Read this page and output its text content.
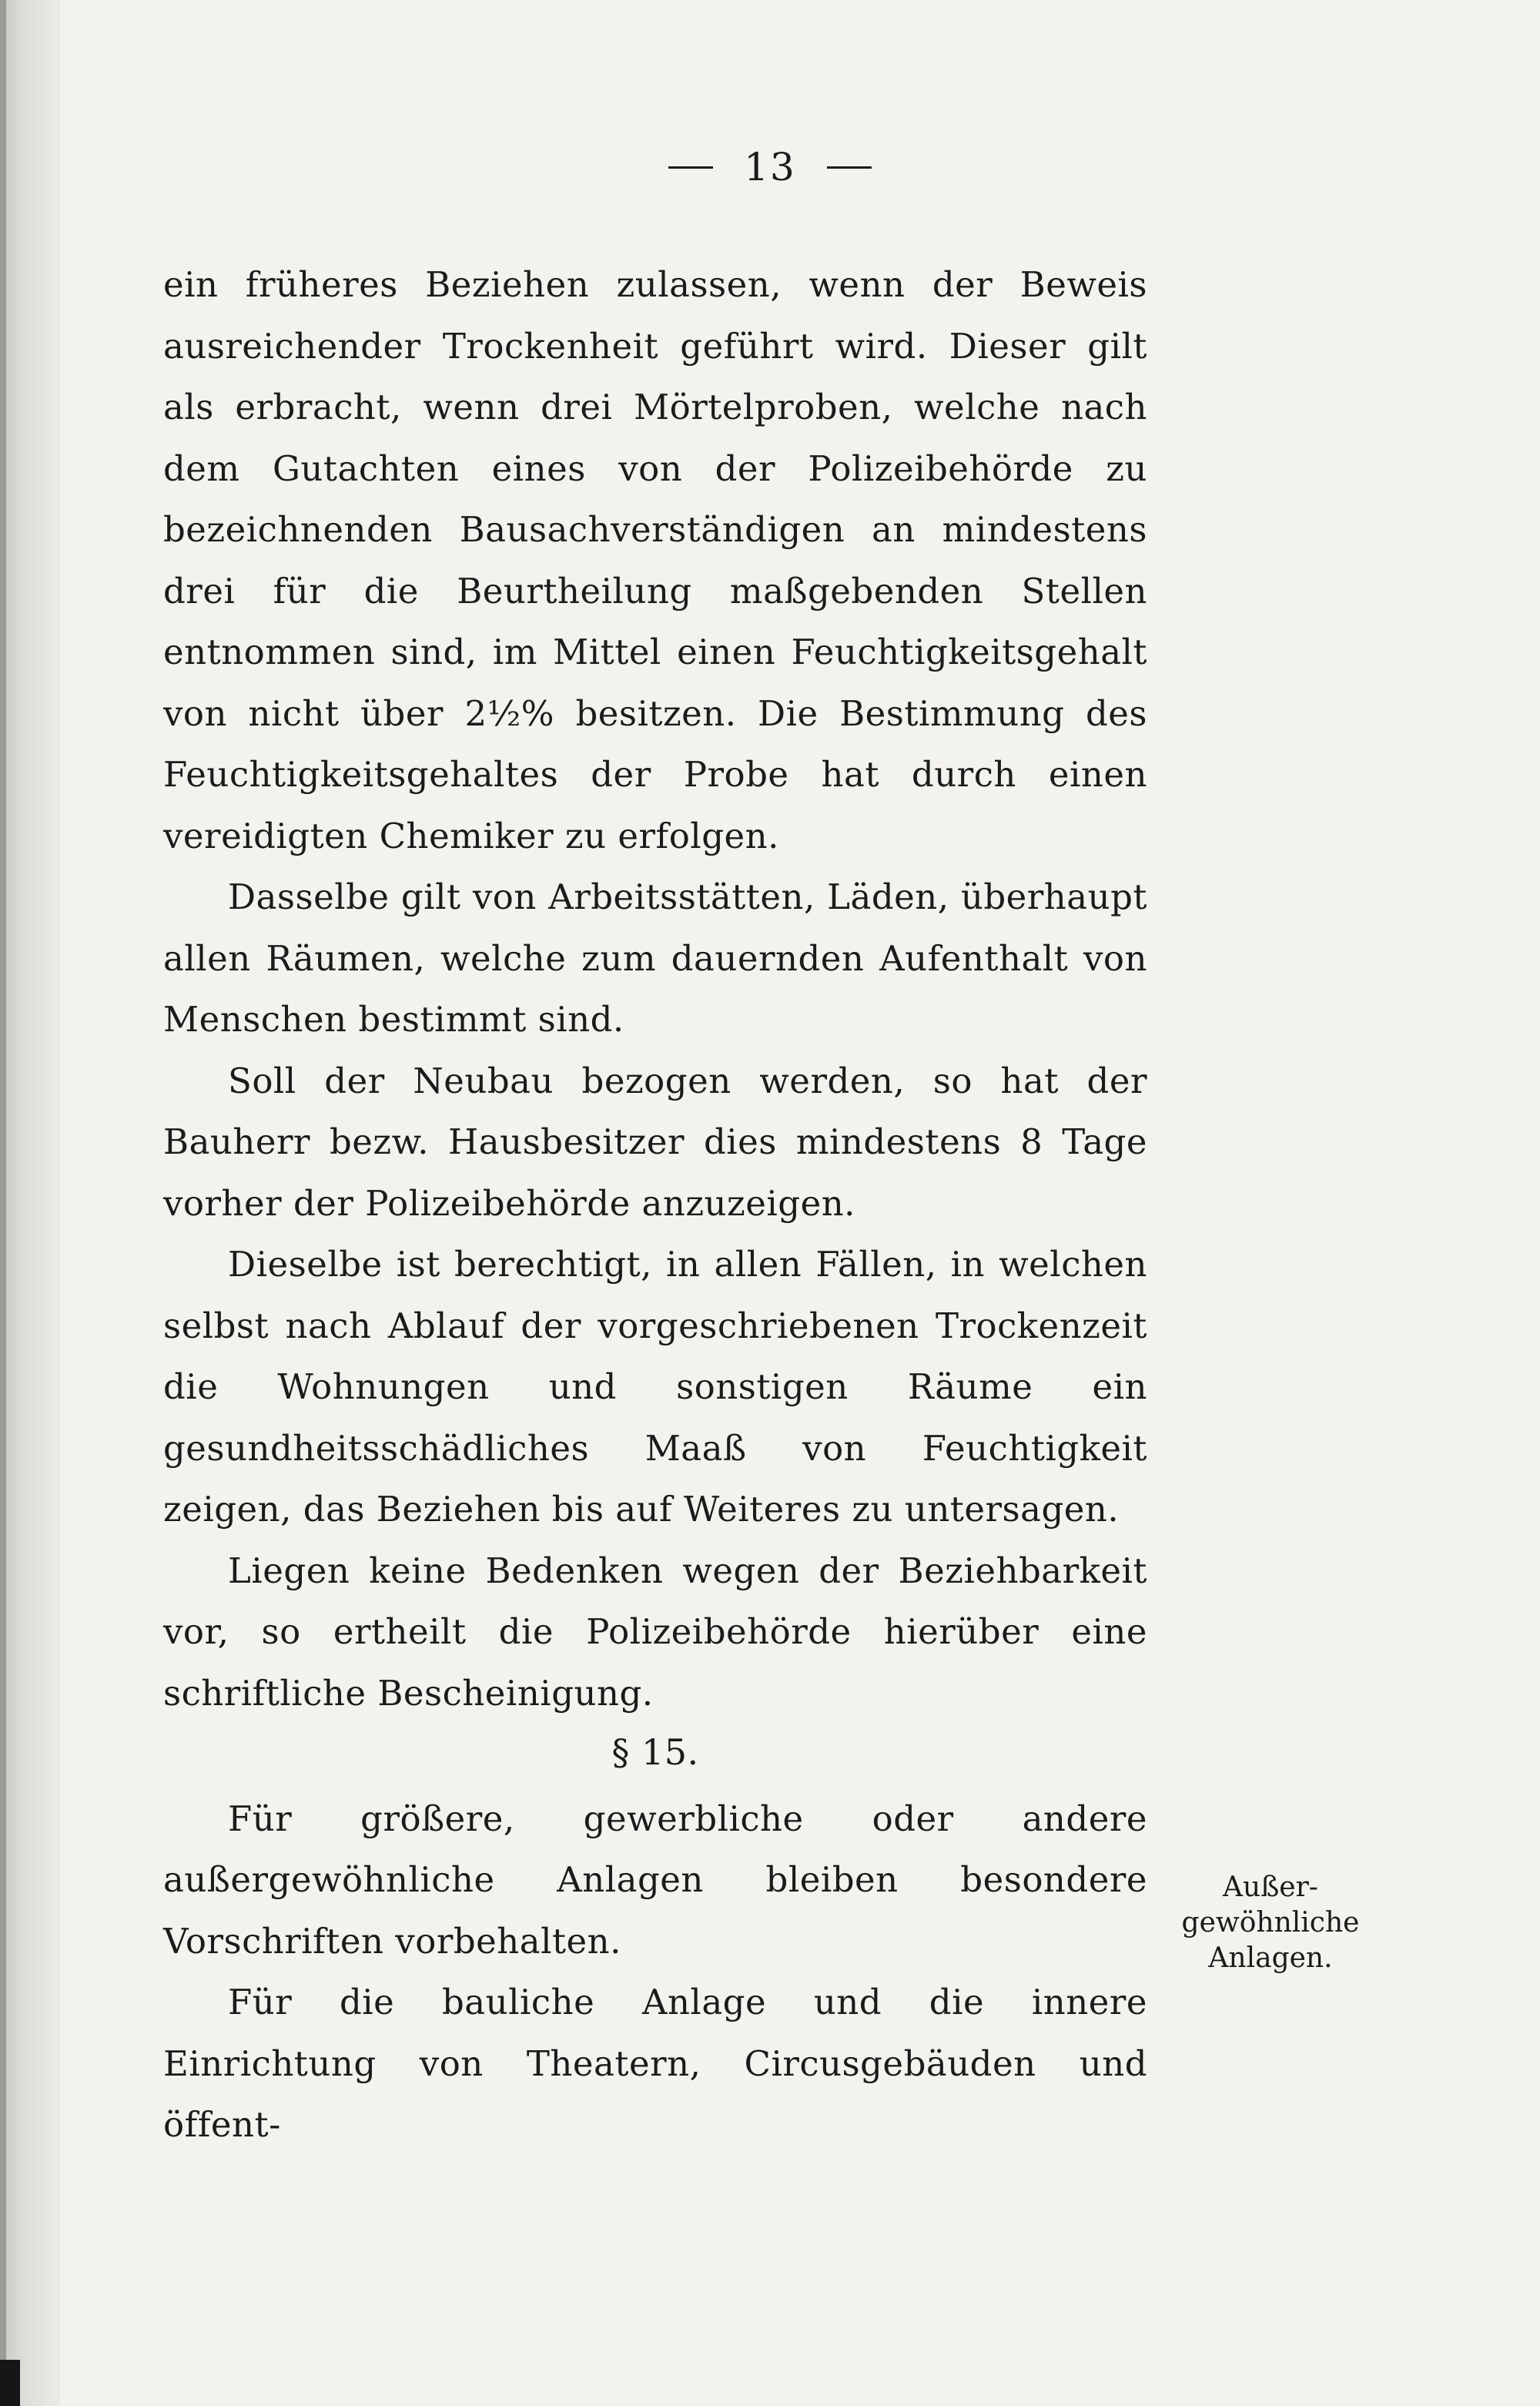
13

ein früheres Beziehen zulassen, wenn der Beweis ausreichender Trockenheit geführt wird. Dieser gilt als erbracht, wenn drei Mörtelproben, welche nach dem Gutachten eines von der Polizeibehörde zu bezeichnenden Bausachverständigen an mindestens drei für die Beurtheilung maßgebenden Stellen entnommen sind, im Mittel einen Feuchtigkeitsgehalt von nicht über 2½% besitzen. Die Bestimmung des Feuchtigkeitsgehaltes der Probe hat durch einen vereidigten Chemiker zu erfolgen.

Dasselbe gilt von Arbeitsstätten, Läden, überhaupt allen Räumen, welche zum dauernden Aufenthalt von Menschen bestimmt sind.

Soll der Neubau bezogen werden, so hat der Bauherr bezw. Hausbesitzer dies mindestens 8 Tage vorher der Polizeibehörde anzuzeigen.

Dieselbe ist berechtigt, in allen Fällen, in welchen selbst nach Ablauf der vorgeschriebenen Trockenzeit die Wohnungen und sonstigen Räume ein gesundheitsschädliches Maaß von Feuchtigkeit zeigen, das Beziehen bis auf Weiteres zu untersagen.

Liegen keine Bedenken wegen der Beziehbarkeit vor, so ertheilt die Polizeibehörde hierüber eine schriftliche Bescheinigung.

§ 15.

Für größere, gewerbliche oder andere außergewöhnliche Anlagen bleiben besondere Vorschriften vorbehalten.

Für die bauliche Anlage und die innere Einrichtung von Theatern, Circusgebäuden und öffent-

Außer-
gewöhnliche
Anlagen.
